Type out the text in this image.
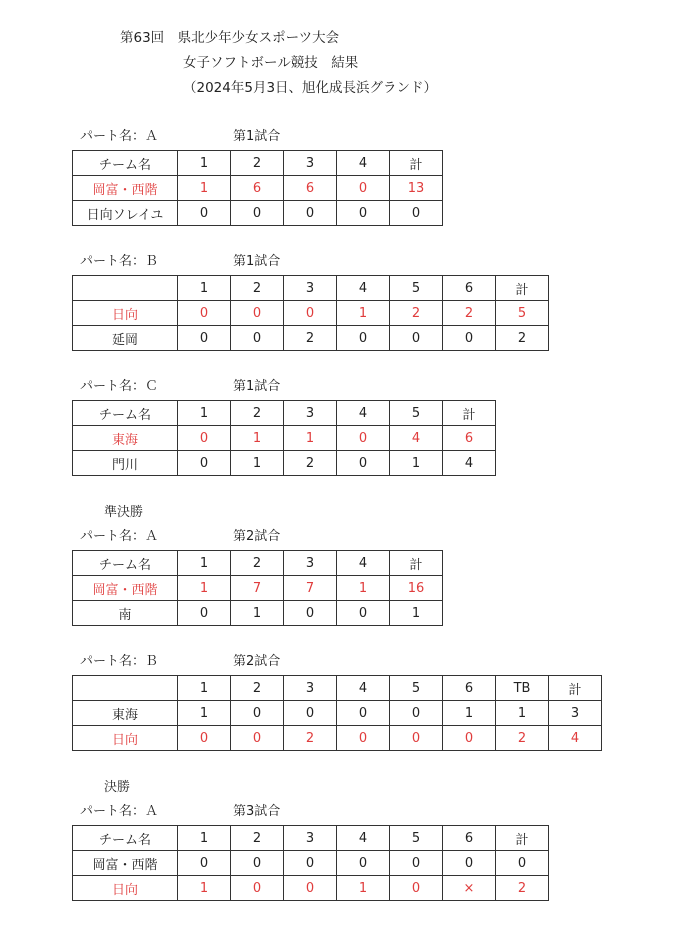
第63回　県北少年少女スポーツ大会
女子ソフトボール競技　結果
（2024年5月3日、旭化成長浜グランド）
パート名：Ａ	第1試合
チーム名	1	2	3	4	計
岡富・西階	1	6	6	0	13
日向ソレイユ	0	0	0	0	0
パート名：Ｂ	第1試合
	1	2	3	4	5	6	計
日向	0	0	0	1	2	2	5
延岡	0	0	2	0	0	0	2
パート名：Ｃ	第1試合
チーム名	1	2	3	4	5	計
東海	0	1	1	0	4	6
門川	0	1	2	0	1	4
準決勝
パート名：Ａ	第2試合
チーム名	1	2	3	4	計
岡富・西階	1	7	7	1	16
南	0	1	0	0	1
パート名：Ｂ	第2試合
	1	2	3	4	5	6	TB	計
東海	1	0	0	0	0	1	1	3
日向	0	0	2	0	0	0	2	4
決勝
パート名：Ａ	第3試合
チーム名	1	2	3	4	5	6	計
岡富・西階	0	0	0	0	0	0	0
日向	1	0	0	1	0	×	2
